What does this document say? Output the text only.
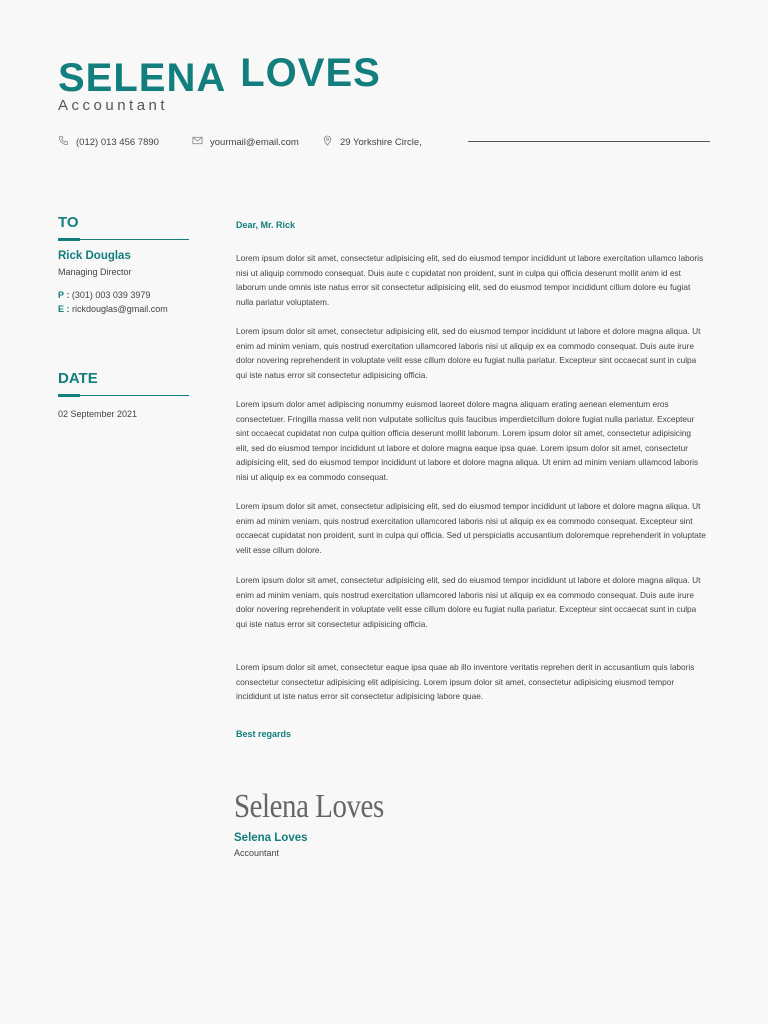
SELENA LOVES
Accountant
(012) 013 456 7890	yourmail@email.com	29 Yorkshire Circle,
TO
Rick Douglas
Managing Director
P : (301) 003 039 3979
E : rickdouglas@gmail.com
DATE
02 September 2021
Dear, Mr. Rick

Lorem ipsum dolor sit amet, consectetur adipisicing elit, sed do eiusmod tempor incididunt ut labore exercitation ullamco laboris nisi ut aliquip commodo consequat. Duis aute c cupidatat non proident, sunt in culpa qui officia deserunt mollit anim id est laborum unde omnis iste natus error sit consectetur adipisicing elit, sed do eiusmod tempor incididunt cillum dolore eu fugiat nulla pariatur voluptatem.

Lorem ipsum dolor sit amet, consectetur adipisicing elit, sed do eiusmod tempor incididunt ut labore et dolore magna aliqua. Ut enim ad minim veniam, quis nostrud exercitation ullamcored laboris nisi ut aliquip ex ea commodo consequat. Duis aute irure dolor novering reprehenderit in voluptate velit esse cillum dolore eu fugiat nulla pariatur. Excepteur sint occaecat sunt in culpa qui iste natus error sit consectetur adipisicing officia.

Lorem ipsum dolor amet adipiscing nonummy euismod laoreet dolore magna aliquam erating aenean elementum eros consectetuer. Fringilla massa velit non vulputate sollicitus quis faucibus imperdietcillum dolore fugiat nulla pariatur. Excepteur sint occaecat cupidatat non culpa quition officia deserunt mollit laborum. Lorem ipsum dolor sit amet, consectetur adipisicing elit, sed do eiusmod tempor incididunt ut labore et dolore magna eaque ipsa quae. Lorem ipsum dolor sit amet, consectetur adipisicing elit, sed do eiusmod tempor incididunt ut labore et dolore magna aliqua. Ut enim ad minim veniam ullamcod laboris nisi ut aliquip ex ea commodo consequat.

Lorem ipsum dolor sit amet, consectetur adipisicing elit, sed do eiusmod tempor incididunt ut labore et dolore magna aliqua. Ut enim ad minim veniam, quis nostrud exercitation ullamcored laboris nisi ut aliquip ex ea commodo consequat. Excepteur sint occaecat cupidatat non proident, sunt in culpa qui officia. Sed ut perspiciatis accusantium doloremque reprehenderit in voluptate velit esse cillum dolore.

Lorem ipsum dolor sit amet, consectetur adipisicing elit, sed do eiusmod tempor incididunt ut labore et dolore magna aliqua. Ut enim ad minim veniam, quis nostrud exercitation ullamcored laboris nisi ut aliquip ex ea commodo consequat. Duis aute irure dolor novering reprehenderit in voluptate velit esse cillum dolore eu fugiat nulla pariatur. Excepteur sint occaecat sunt in culpa qui iste natus error sit consectetur adipisicing officia.

Lorem ipsum dolor sit amet, consectetur eaque ipsa quae ab illo inventore veritatis reprehen derit in accusantium quis laboris consectetur consectetur adipisicing elit adipisicing. Lorem ipsum dolor sit amet, consectetur adipisicing eiusmod tempor incididunt ut iste natus error sit consectetur adipisicing labore quae.

Best regards
Selena Loves
Selena Loves
Accountant
